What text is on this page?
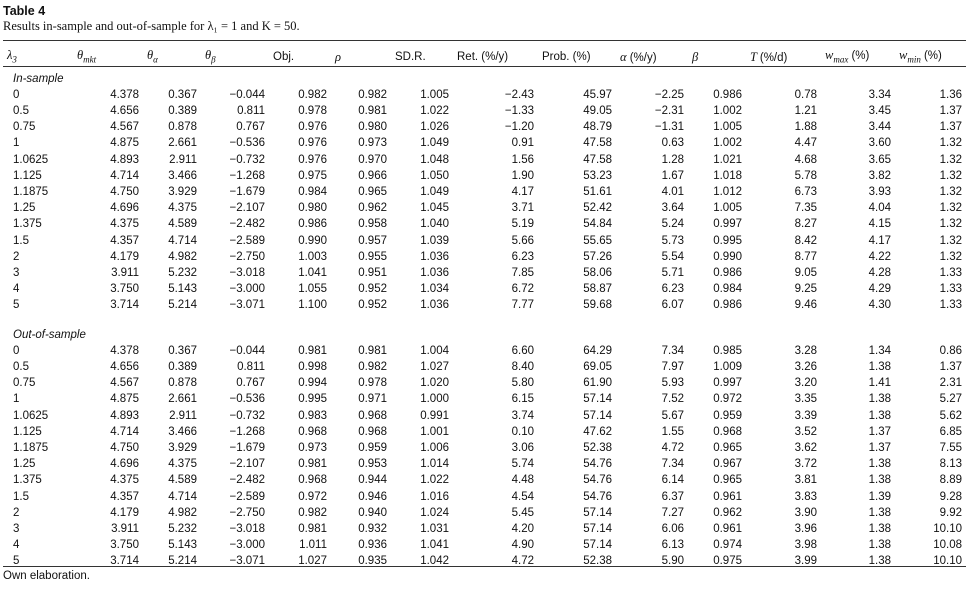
Table 4
Results in-sample and out-of-sample for λ₁ = 1 and K = 50.
$\lambda_3$	$\theta_{mkt}$	$\theta_\alpha$	$\theta_\beta$	Obj.	ρ	SD.R.	Ret. (%/y)	Prob. (%)	α (%/y)	β	T (%/d)	$w_{max}$ (%)	$w_{min}$ (%)
In-sample													
0	4.378	0.367	−0.044	0.982	0.982	1.005	−2.43	45.97	−2.25	0.986	0.78	3.34	1.36
0.5	4.656	0.389	0.811	0.978	0.981	1.022	−1.33	49.05	−2.31	1.002	1.21	3.45	1.37
0.75	4.567	0.878	0.767	0.976	0.980	1.026	−1.20	48.79	−1.31	1.005	1.88	3.44	1.37
1	4.875	2.661	−0.536	0.976	0.973	1.049	0.91	47.58	0.63	1.002	4.47	3.60	1.32
1.0625	4.893	2.911	−0.732	0.976	0.970	1.048	1.56	47.58	1.28	1.021	4.68	3.65	1.32
1.125	4.714	3.466	−1.268	0.975	0.966	1.050	1.90	53.23	1.67	1.018	5.78	3.82	1.32
1.1875	4.750	3.929	−1.679	0.984	0.965	1.049	4.17	51.61	4.01	1.012	6.73	3.93	1.32
1.25	4.696	4.375	−2.107	0.980	0.962	1.045	3.71	52.42	3.64	1.005	7.35	4.04	1.32
1.375	4.375	4.589	−2.482	0.986	0.958	1.040	5.19	54.84	5.24	0.997	8.27	4.15	1.32
1.5	4.357	4.714	−2.589	0.990	0.957	1.039	5.66	55.65	5.73	0.995	8.42	4.17	1.32
2	4.179	4.982	−2.750	1.003	0.955	1.036	6.23	57.26	5.54	0.990	8.77	4.22	1.32
3	3.911	5.232	−3.018	1.041	0.951	1.036	7.85	58.06	5.71	0.986	9.05	4.28	1.33
4	3.750	5.143	−3.000	1.055	0.952	1.034	6.72	58.87	6.23	0.984	9.25	4.29	1.33
5	3.714	5.214	−3.071	1.100	0.952	1.036	7.77	59.68	6.07	0.986	9.46	4.30	1.33

Out-of-sample													
0	4.378	0.367	−0.044	0.981	0.981	1.004	6.60	64.29	7.34	0.985	3.28	1.34	0.86
0.5	4.656	0.389	0.811	0.998	0.982	1.027	8.40	69.05	7.97	1.009	3.26	1.38	1.37
0.75	4.567	0.878	0.767	0.994	0.978	1.020	5.80	61.90	5.93	0.997	3.20	1.41	2.31
1	4.875	2.661	−0.536	0.995	0.971	1.000	6.15	57.14	7.52	0.972	3.35	1.38	5.27
1.0625	4.893	2.911	−0.732	0.983	0.968	0.991	3.74	57.14	5.67	0.959	3.39	1.38	5.62
1.125	4.714	3.466	−1.268	0.968	0.968	1.001	0.10	47.62	1.55	0.968	3.52	1.37	6.85
1.1875	4.750	3.929	−1.679	0.973	0.959	1.006	3.06	52.38	4.72	0.965	3.62	1.37	7.55
1.25	4.696	4.375	−2.107	0.981	0.953	1.014	5.74	54.76	7.34	0.967	3.72	1.38	8.13
1.375	4.375	4.589	−2.482	0.968	0.944	1.022	4.48	54.76	6.14	0.965	3.81	1.38	8.89
1.5	4.357	4.714	−2.589	0.972	0.946	1.016	4.54	54.76	6.37	0.961	3.83	1.39	9.28
2	4.179	4.982	−2.750	0.982	0.940	1.024	5.45	57.14	7.27	0.962	3.90	1.38	9.92
3	3.911	5.232	−3.018	0.981	0.932	1.031	4.20	57.14	6.06	0.961	3.96	1.38	10.10
4	3.750	5.143	−3.000	1.011	0.936	1.041	4.90	57.14	6.13	0.974	3.98	1.38	10.08
5	3.714	5.214	−3.071	1.027	0.935	1.042	4.72	52.38	5.90	0.975	3.99	1.38	10.10
Own elaboration.
